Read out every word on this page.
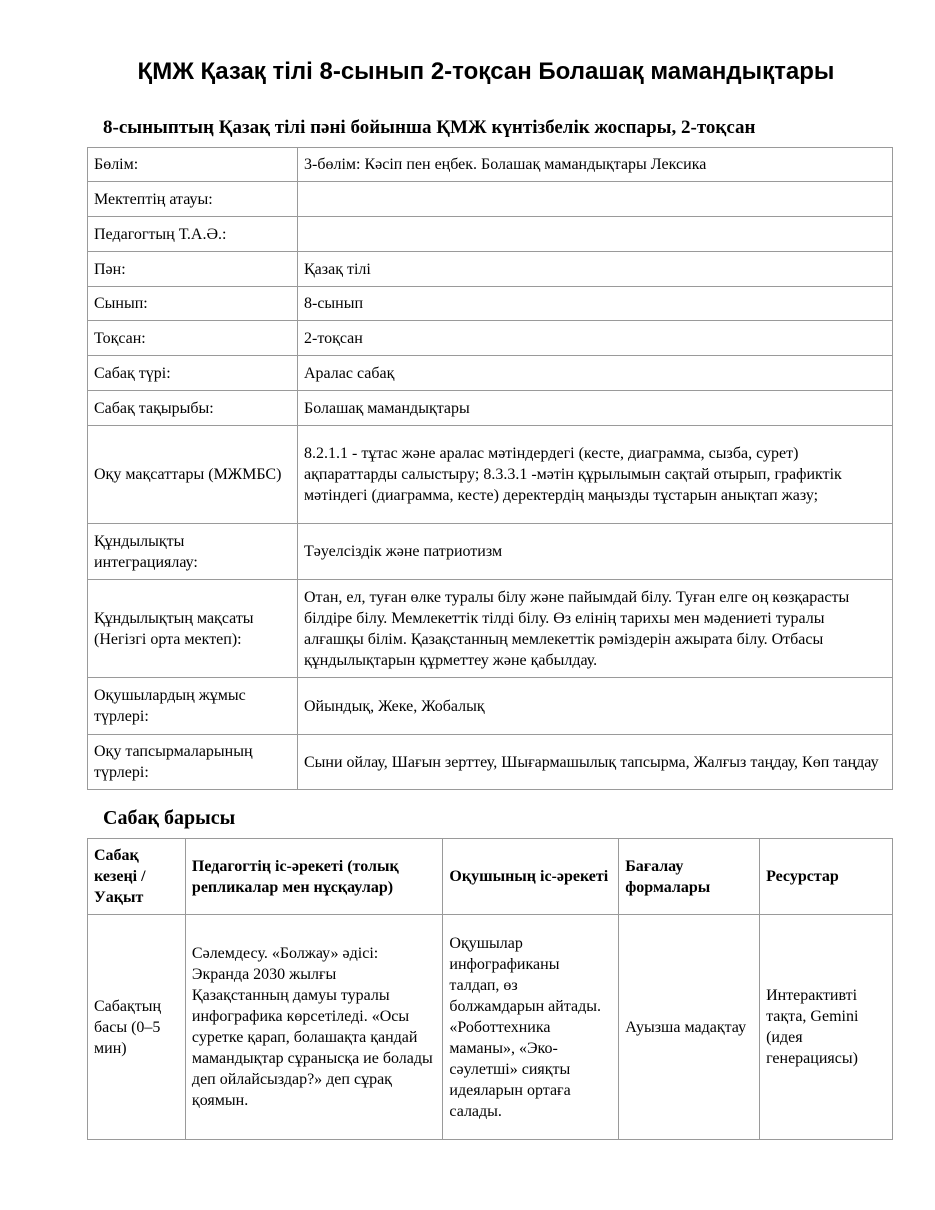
ҚМЖ Қазақ тілі 8-сынып 2-тоқсан Болашақ мамандықтары
8-сыныптың Қазақ тілі пәні бойынша ҚМЖ күнтізбелік жоспары, 2-тоқсан
Бөлім:	3-бөлім: Кәсіп пен еңбек. Болашақ мамандықтары Лексика
Мектептің атауы:	
Педагогтың Т.А.Ә.:	
Пән:	Қазақ тілі
Сынып:	8-сынып
Тоқсан:	2-тоқсан
Сабақ түрі:	Аралас сабақ
Сабақ тақырыбы:	Болашақ мамандықтары
Оқу мақсаттары (МЖМБС)	8.2.1.1 - тұтас және аралас мәтіндердегі (кесте, диаграмма, сызба, сурет) ақпараттарды салыстыру; 8.3.3.1 -мәтін құрылымын сақтай отырып, графиктік мәтіндегі (диаграмма, кесте) деректердің маңызды тұстарын анықтап жазу;
Құндылықты интеграциялау:	Тәуелсіздік және патриотизм
Құндылықтың мақсаты (Негізгі орта мектеп):	Отан, ел, туған өлке туралы білу және пайымдай білу. Туған елге оң көзқарасты білдіре білу. Мемлекеттік тілді білу. Өз елінің тарихы мен мәдениеті туралы алғашқы білім. Қазақстанның мемлекеттік рәміздерін ажырата білу. Отбасы құндылықтарын құрметтеу және қабылдау.
Оқушылардың жұмыс түрлері:	Ойындық, Жеке, Жобалық
Оқу тапсырмаларының түрлері:	Сыни ойлау, Шағын зерттеу, Шығармашылық тапсырма, Жалғыз таңдау, Көп таңдау
Сабақ барысы
Сабақ кезеңі / Уақыт	Педагогтің іс-әрекеті (толық репликалар мен нұсқаулар)	Оқушының іс-әрекеті	Бағалау формалары	Ресурстар
Сабақтың басы (0–5 мин)	Сәлемдесу. «Болжау» әдісі: Экранда 2030 жылғы Қазақстанның дамуы туралы инфографика көрсетіледі. «Осы суретке қарап, болашақта қандай мамандықтар сұранысқа ие болады деп ойлайсыздар?» деп сұрақ қоямын.	Оқушылар инфографиканы талдап, өз болжамдарын айтады. «Роботтехника маманы», «Эко-сәулетші» сияқты идеяларын ортаға салады.	Ауызша мадақтау	Интерактивті тақта, Gemini (идея генерациясы)
